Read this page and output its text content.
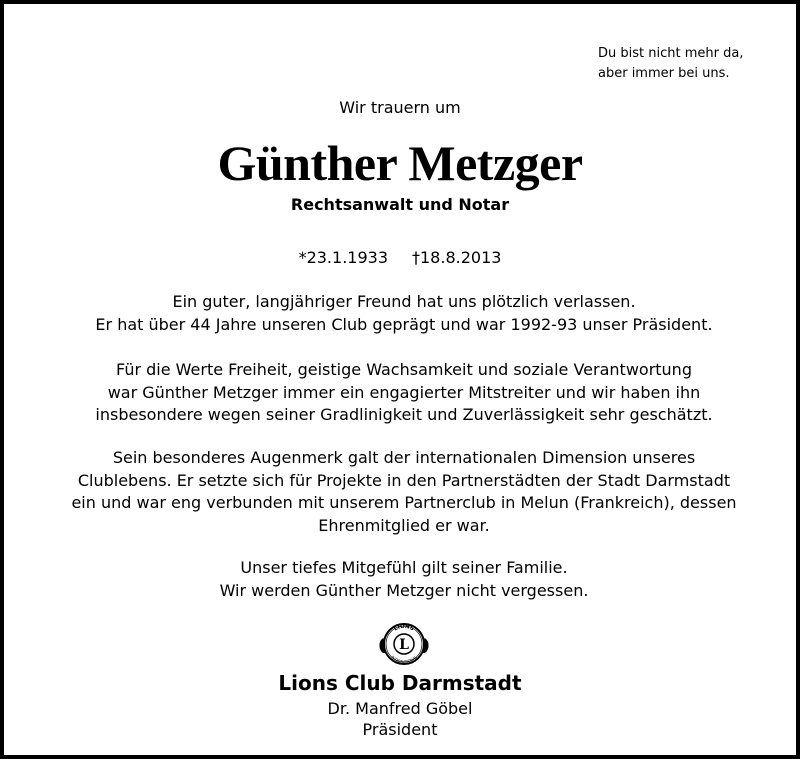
Du bist nicht mehr da,
aber immer bei uns.
Wir trauern um
Günther Metzger
Rechtsanwalt und Notar
*23.1.1933 †18.8.2013
Ein guter, langjähriger Freund hat uns plötzlich verlassen.
Er hat über 44 Jahre unseren Club geprägt und war 1992-93 unser Präsident.
Für die Werte Freiheit, geistige Wachsamkeit und soziale Verantwortung
war Günther Metzger immer ein engagierter Mitstreiter und wir haben ihn
insbesondere wegen seiner Gradlinigkeit und Zuverlässigkeit sehr geschätzt.
Sein besonderes Augenmerk galt der internationalen Dimension unseres
Clublebens. Er setzte sich für Projekte in den Partnerstädten der Stadt Darmstadt
ein und war eng verbunden mit unserem Partnerclub in Melun (Frankreich), dessen
Ehrenmitglied er war.
Unser tiefes Mitgefühl gilt seiner Familie.
Wir werden Günther Metzger nicht vergessen.
LIONS
INTERNATIONAL
L
Lions Club Darmstadt
Dr. Manfred Göbel
Präsident
